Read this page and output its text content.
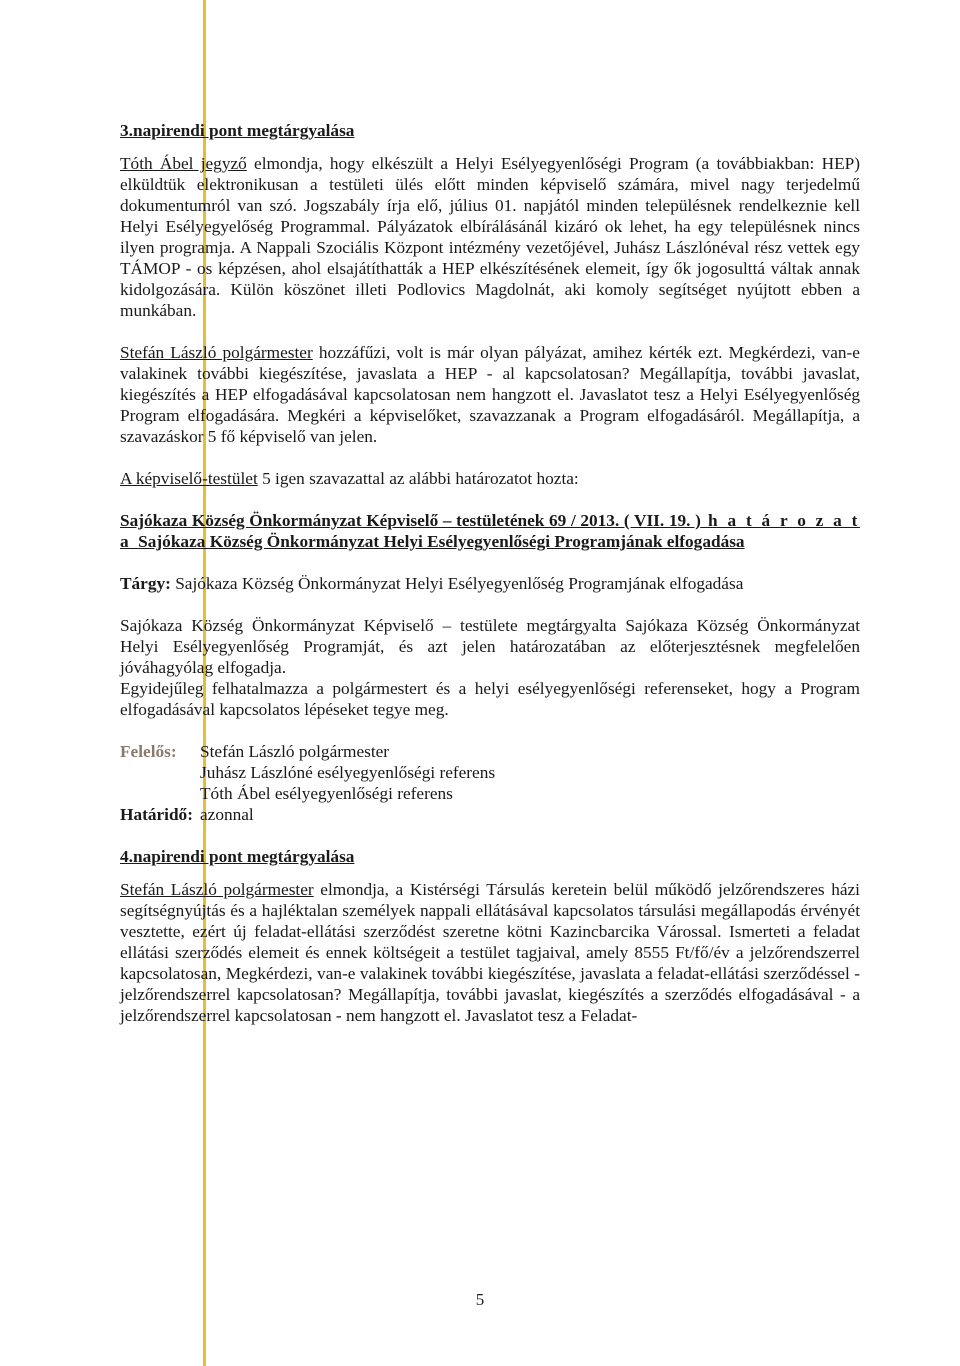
3.napirendi pont megtárgyalása

Tóth Ábel jegyző elmondja, hogy elkészült a Helyi Esélyegyenlőségi Program (a továbbiakban: HEP) elküldtük elektronikusan a testületi ülés előtt minden képviselő számára, mivel nagy terjedelmű dokumentumról van szó. Jogszabály írja elő, július 01. napjától minden településnek rendelkeznie kell Helyi Esélyegyelőség Programmal. Pályázatok elbírálásánál kizáró ok lehet, ha egy településnek nincs ilyen programja. A Nappali Szociális Központ intézmény vezetőjével, Juhász Lászlónéval rész vettek egy TÁMOP - os képzésen, ahol elsajátíthatták a HEP elkészítésének elemeit, így ők jogosulttá váltak annak kidolgozására. Külön köszönet illeti Podlovics Magdolnát, aki komoly segítséget nyújtott ebben a munkában.

Stefán László polgármester hozzáfűzi, volt is már olyan pályázat, amihez kérték ezt. Megkérdezi, van-e valakinek további kiegészítése, javaslata a HEP - al kapcsolatosan? Megállapítja, további javaslat, kiegészítés a HEP elfogadásával kapcsolatosan nem hangzott el. Javaslatot tesz a Helyi Esélyegyenlőség Program elfogadására. Megkéri a képviselőket, szavazzanak a Program elfogadásáról. Megállapítja, a szavazáskor 5 fő képviselő van jelen.

A képviselő-testület 5 igen szavazattal az alábbi határozatot hozta:

Sajókaza Község Önkormányzat Képviselő – testületének 69 / 2013. ( VII. 19. ) h a t á r o z a t a Sajókaza Község Önkormányzat Helyi Esélyegyenlőségi Programjának elfogadása

Tárgy: Sajókaza Község Önkormányzat Helyi Esélyegyenlőség Programjának elfogadása

Sajókaza Község Önkormányzat Képviselő – testülete megtárgyalta Sajókaza Község Önkormányzat Helyi Esélyegyenlőség Programját, és azt jelen határozatában az előterjesztésnek megfelelően jóváhagyólag elfogadja.

Egyidejűleg felhatalmazza a polgármestert és a helyi esélyegyenlőségi referenseket, hogy a Program elfogadásával kapcsolatos lépéseket tegye meg.

Felelős:	Stefán László polgármester
Juhász Lászlóné esélyegyenlőségi referens
Tóth Ábel esélyegyenlőségi referens
Határidő: azonnal

4.napirendi pont megtárgyalása

Stefán László polgármester elmondja, a Kistérségi Társulás keretein belül működő jelzőrendszeres házi segítségnyújtás és a hajléktalan személyek nappali ellátásával kapcsolatos társulási megállapodás érvényét vesztette, ezért új feladat-ellátási szerződést szeretne kötni Kazincbarcika Várossal. Ismerteti a feladat ellátási szerződés elemeit és ennek költségeit a testület tagjaival, amely 8555 Ft/fő/év a jelzőrendszerrel kapcsolatosan, Megkérdezi, van-e valakinek további kiegészítése, javaslata a feladat-ellátási szerződéssel - jelzőrendszerrel kapcsolatosan? Megállapítja, további javaslat, kiegészítés a szerződés elfogadásával - a jelzőrendszerrel kapcsolatosan - nem hangzott el. Javaslatot tesz a Feladat-

5
